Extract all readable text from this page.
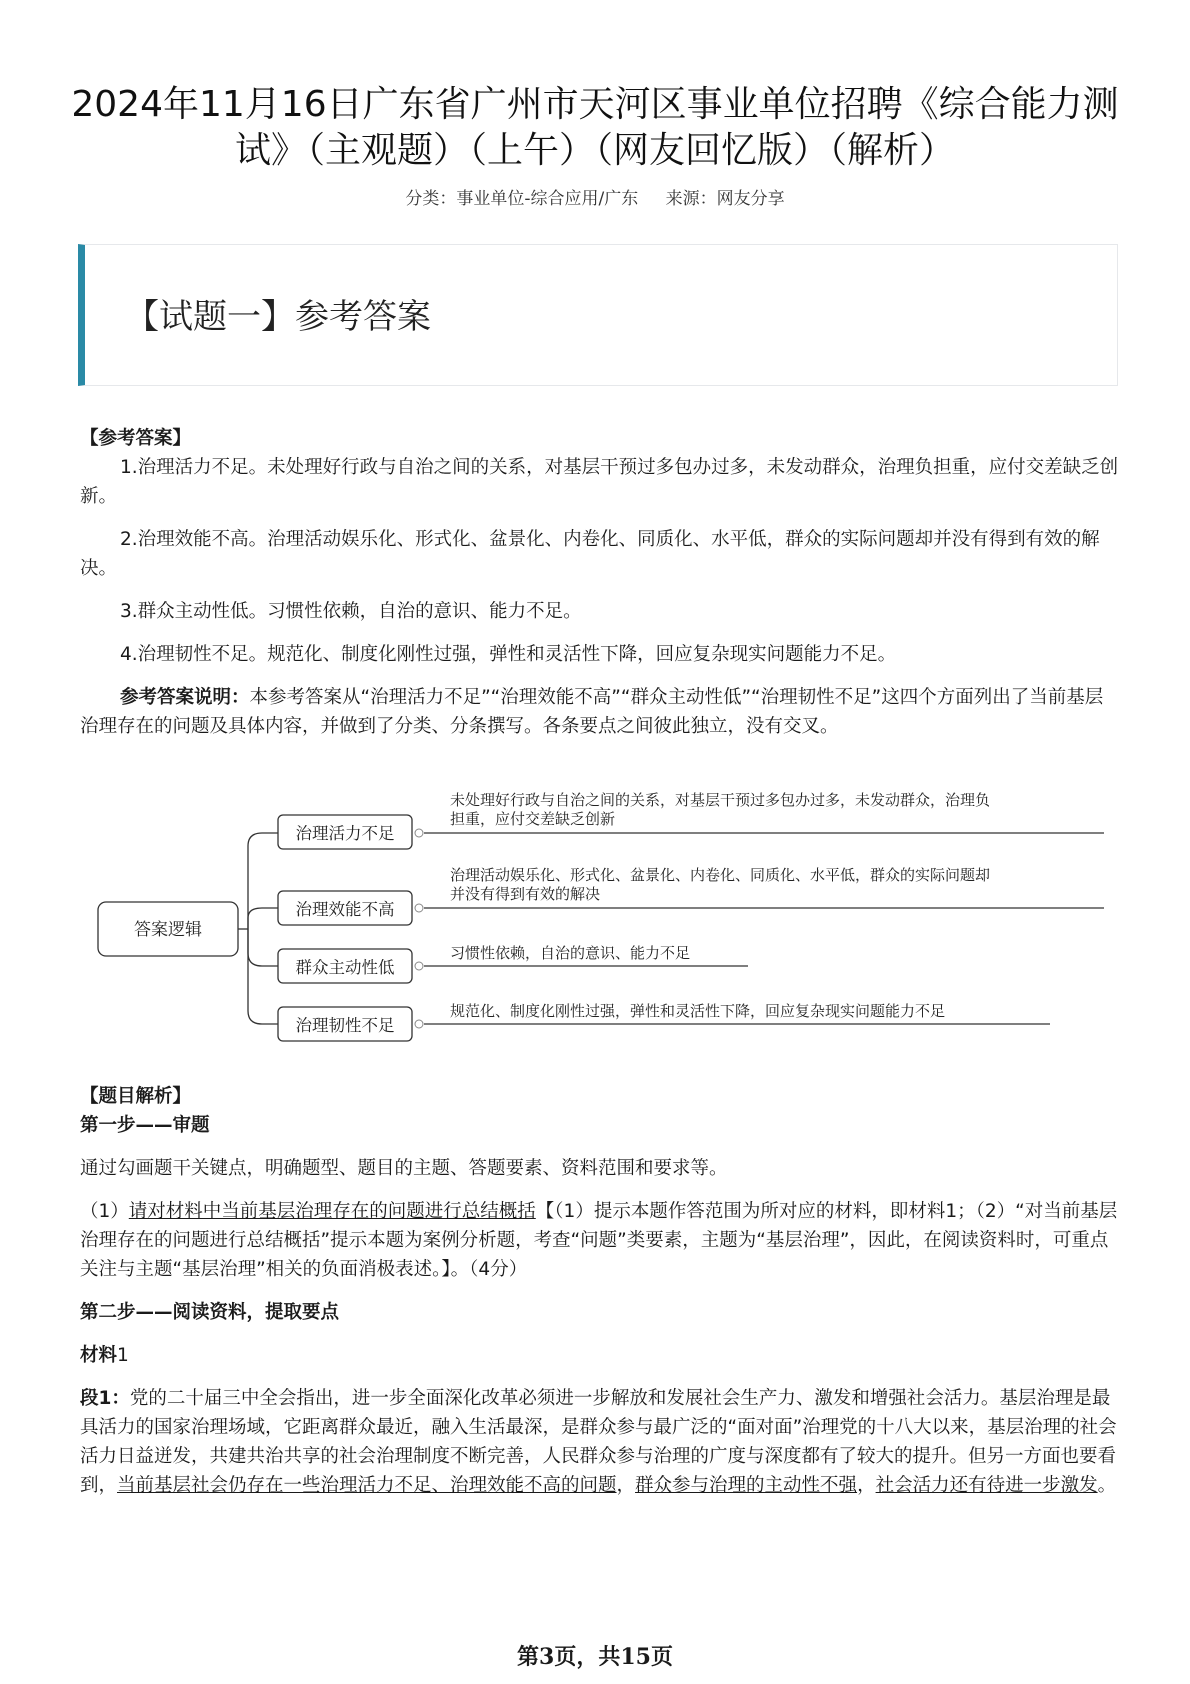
2024年11月16日广东省广州市天河区事业单位招聘《综合能力测试》（主观题）（上午）（网友回忆版）（解析）
分类：事业单位-综合应用/广东 来源：网友分享
【试题一】参考答案

【参考答案】

1.治理活力不足。未处理好行政与自治之间的关系，对基层干预过多包办过多，未发动群众，治理负担重，应付交差缺乏创新。

2.治理效能不高。治理活动娱乐化、形式化、盆景化、内卷化、同质化、水平低，群众的实际问题却并没有得到有效的解决。

3.群众主动性低。习惯性依赖，自治的意识、能力不足。

4.治理韧性不足。规范化、制度化刚性过强，弹性和灵活性下降，回应复杂现实问题能力不足。

参考答案说明：本参考答案从“治理活力不足”“治理效能不高”“群众主动性低”“治理韧性不足”这四个方面列出了当前基层治理存在的问题及具体内容，并做到了分类、分条撰写。各条要点之间彼此独立，没有交叉。

答案逻辑
治理活力不足
未处理好行政与自治之间的关系，对基层干预过多包办过多，未发动群众，治理负
担重，应付交差缺乏创新
治理效能不高
治理活动娱乐化、形式化、盆景化、内卷化、同质化、水平低，群众的实际问题却
并没有得到有效的解决
群众主动性低
习惯性依赖，自治的意识、能力不足
治理韧性不足
规范化、制度化刚性过强，弹性和灵活性下降，回应复杂现实问题能力不足

【题目解析】

第一步——审题

通过勾画题干关键点，明确题型、题目的主题、答题要素、资料范围和要求等。

（1）请对材料中当前基层治理存在的问题进行总结概括【（1）提示本题作答范围为所对应的材料，即材料1；（2）“对当前基层治理存在的问题进行总结概括”提示本题为案例分析题，考查“问题”类要素，主题为“基层治理”，因此，在阅读资料时，可重点关注与主题“基层治理”相关的负面消极表述。】。（4分）

第二步——阅读资料，提取要点

材料1

段1：党的二十届三中全会指出，进一步全面深化改革必须进一步解放和发展社会生产力、激发和增强社会活力。基层治理是最具活力的国家治理场域，它距离群众最近，融入生活最深，是群众参与最广泛的“面对面”治理党的十八大以来，基层治理的社会活力日益迸发，共建共治共享的社会治理制度不断完善，人民群众参与治理的广度与深度都有了较大的提升。但另一方面也要看到，当前基层社会仍存在一些治理活力不足、治理效能不高的问题，群众参与治理的主动性不强，社会活力还有待进一步激发。

第3页，共15页
